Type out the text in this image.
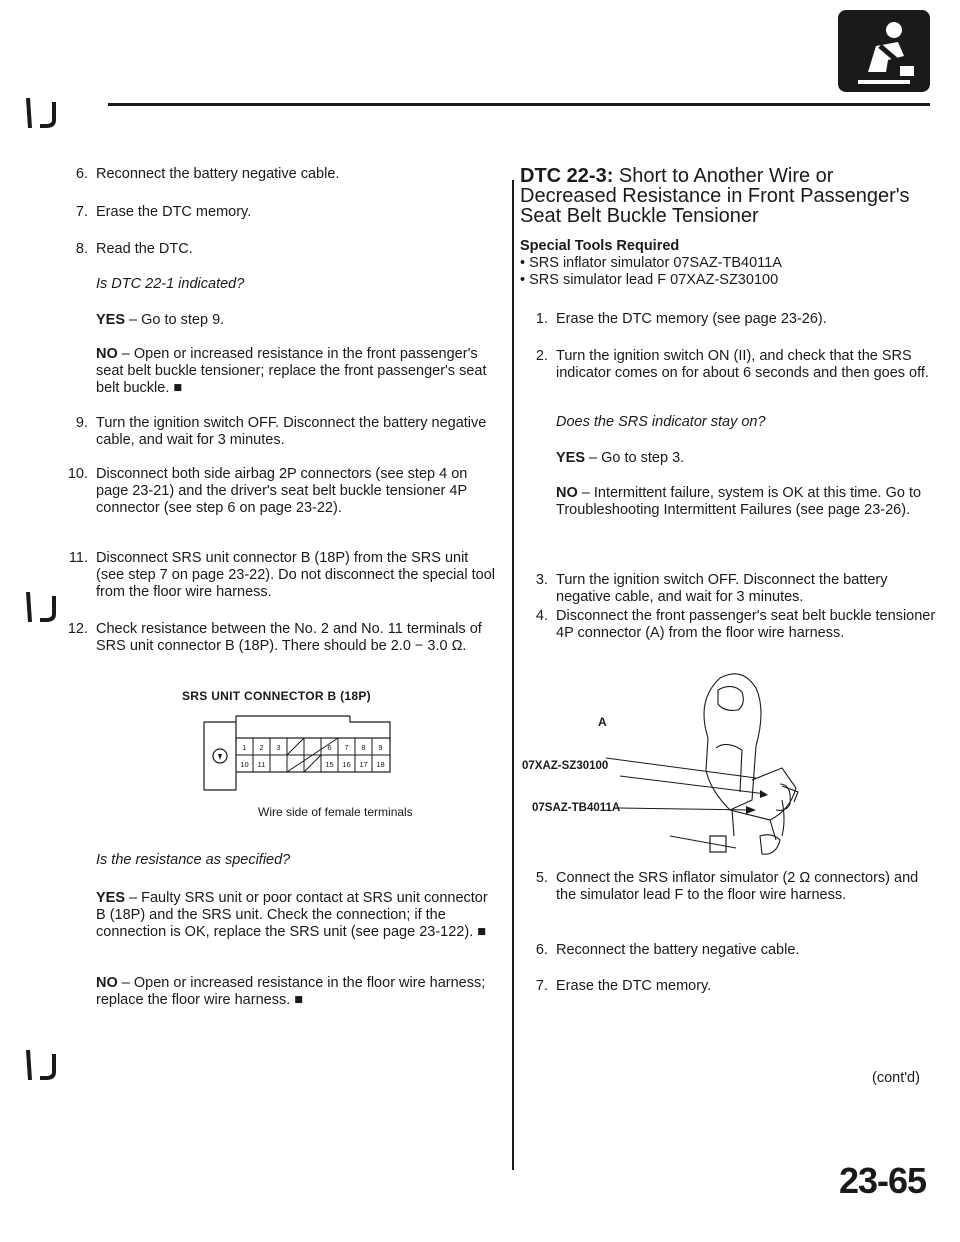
6. Reconnect the battery negative cable.
7. Erase the DTC memory.
8. Read the DTC.
Is DTC 22-1 indicated?
YES – Go to step 9.
NO – Open or increased resistance in the front passenger's seat belt buckle tensioner; replace the front passenger's seat belt buckle. ■
9. Turn the ignition switch OFF. Disconnect the battery negative cable, and wait for 3 minutes.
10. Disconnect both side airbag 2P connectors (see step 4 on page 23-21) and the driver's seat belt buckle tensioner 4P connector (see step 6 on page 23-22).
11. Disconnect SRS unit connector B (18P) from the SRS unit (see step 7 on page 23-22). Do not disconnect the special tool from the floor wire harness.
12. Check resistance between the No. 2 and No. 11 terminals of SRS unit connector B (18P). There should be 2.0 − 3.0 Ω.
SRS UNIT CONNECTOR B (18P)
1 2 3	6 7 8 9
10 11	15 16 17 18
Wire side of female terminals
Is the resistance as specified?
YES – Faulty SRS unit or poor contact at SRS unit connector B (18P) and the SRS unit. Check the connection; if the connection is OK, replace the SRS unit (see page 23-122). ■
NO – Open or increased resistance in the floor wire harness; replace the floor wire harness. ■
DTC 22-3: Short to Another Wire or Decreased Resistance in Front Passenger's Seat Belt Buckle Tensioner
Special Tools Required
• SRS inflator simulator 07SAZ-TB4011A
• SRS simulator lead F 07XAZ-SZ30100
1. Erase the DTC memory (see page 23-26).
2. Turn the ignition switch ON (II), and check that the SRS indicator comes on for about 6 seconds and then goes off.
Does the SRS indicator stay on?
YES – Go to step 3.
NO – Intermittent failure, system is OK at this time. Go to Troubleshooting Intermittent Failures (see page 23-26).
3. Turn the ignition switch OFF. Disconnect the battery negative cable, and wait for 3 minutes.
4. Disconnect the front passenger's seat belt buckle tensioner 4P connector (A) from the floor wire harness.
A
07XAZ-SZ30100
07SAZ-TB4011A
5. Connect the SRS inflator simulator (2 Ω connectors) and the simulator lead F to the floor wire harness.
6. Reconnect the battery negative cable.
7. Erase the DTC memory.
(cont'd)
23-65
